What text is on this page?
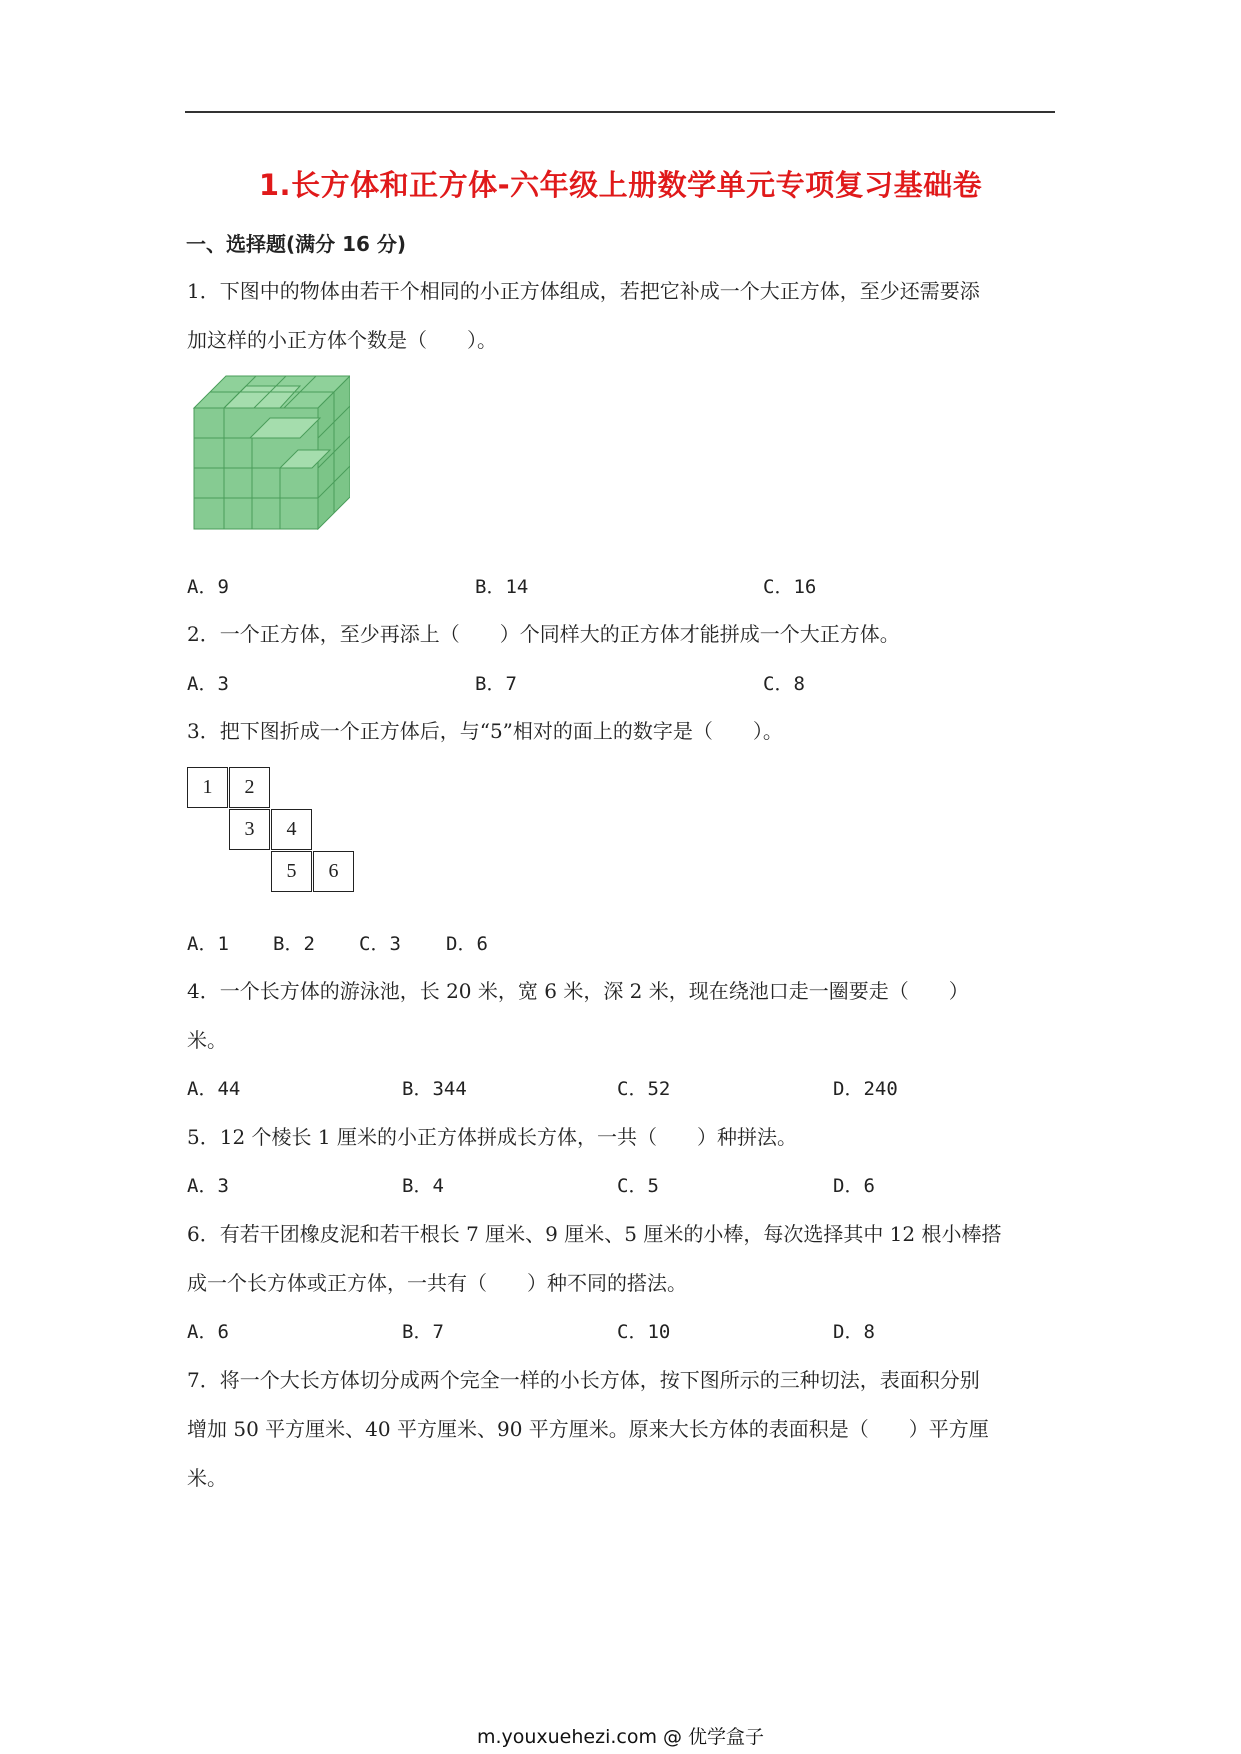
1.长方体和正方体-六年级上册数学单元专项复习基础卷
一、选择题(满分 16 分)
1．下图中的物体由若干个相同的小正方体组成，若把它补成一个大正方体，至少还需要添
加这样的小正方体个数是（　　）。
A．9	B．14	C．16
2．一个正方体，至少再添上（　　）个同样大的正方体才能拼成一个大正方体。
A．3	B．7	C．8
3．把下图折成一个正方体后，与“5”相对的面上的数字是（　　）。
1	2
3	4
5	6
A．1 B．2 C．3 D．6
4．一个长方体的游泳池，长 20 米，宽 6 米，深 2 米，现在绕池口走一圈要走（　　）
米。
A．44	B．344	C．52	D．240
5．12 个棱长 1 厘米的小正方体拼成长方体，一共（　　）种拼法。
A．3	B．4	C．5	D．6
6．有若干团橡皮泥和若干根长 7 厘米、9 厘米、5 厘米的小棒，每次选择其中 12 根小棒搭
成一个长方体或正方体，一共有（　　）种不同的搭法。
A．6	B．7	C．10	D．8
7．将一个大长方体切分成两个完全一样的小长方体，按下图所示的三种切法，表面积分别
增加 50 平方厘米、40 平方厘米、90 平方厘米。原来大长方体的表面积是（　　）平方厘
米。
m.youxuehezi.com @ 优学盒子
